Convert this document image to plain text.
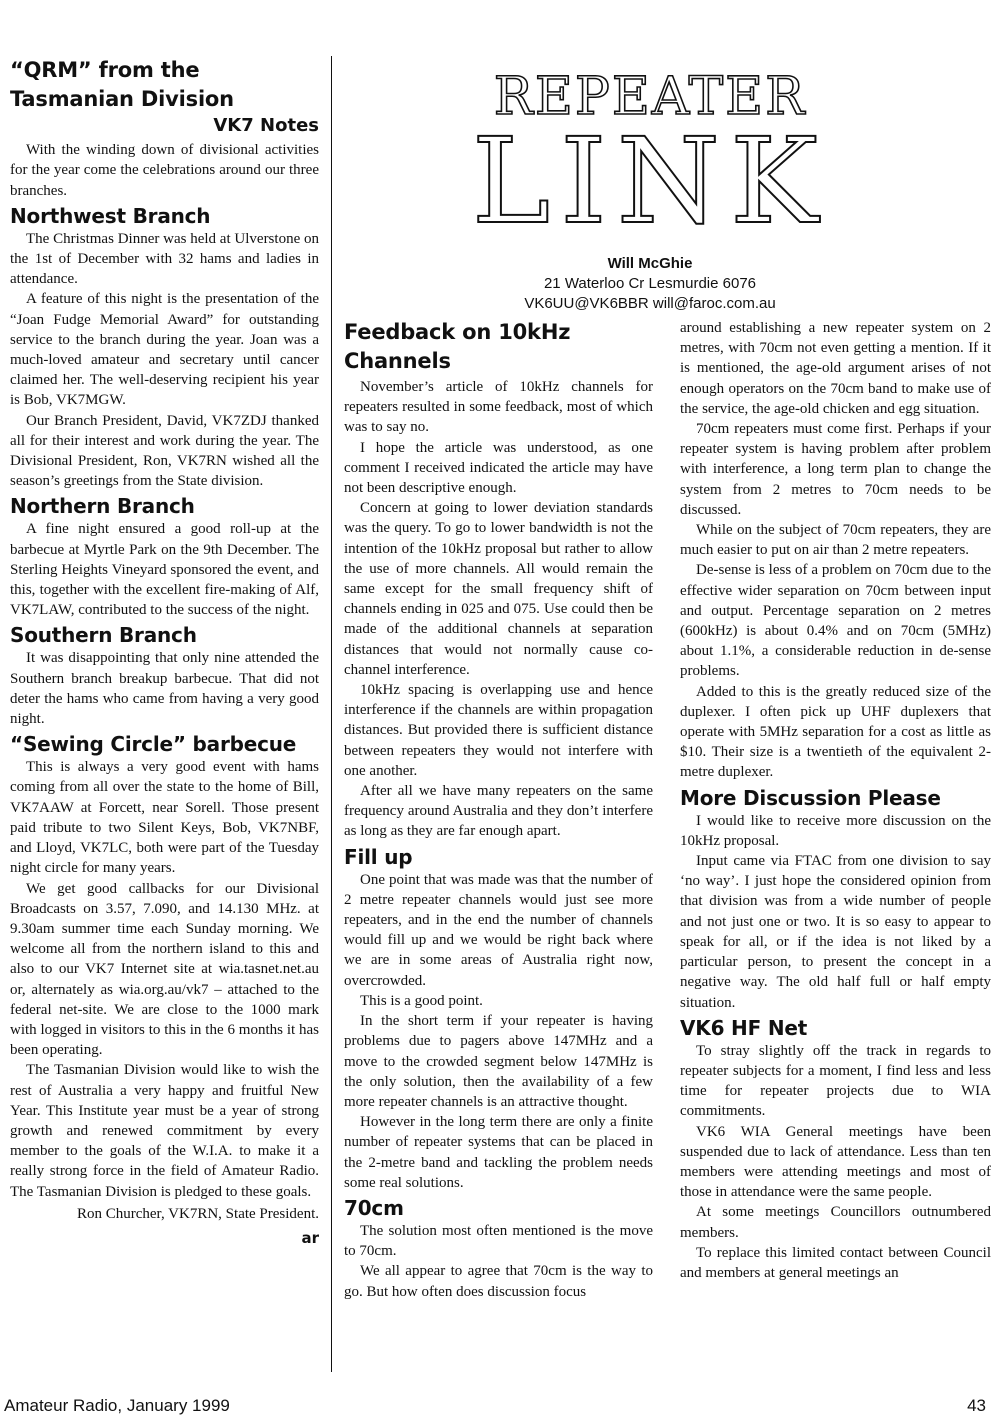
“QRM” from the Tasmanian Division
VK7 Notes

With the winding down of divisional activities for the year come the celebrations around our three branches.

Northwest Branch

The Christmas Dinner was held at Ulverstone on the 1st of December with 32 hams and ladies in attendance.

A feature of this night is the presentation of the “Joan Fudge Memorial Award” for outstanding service to the branch during the year. Joan was a much-loved amateur and secretary until cancer claimed her. The well-deserving recipient his year is Bob, VK7MGW.

Our Branch President, David, VK7ZDJ thanked all for their interest and work during the year. The Divisional President, Ron, VK7RN wished all the season’s greetings from the State division.

Northern Branch

A fine night ensured a good roll-up at the barbecue at Myrtle Park on the 9th December. The Sterling Heights Vineyard sponsored the event, and this, together with the excellent fire-making of Alf, VK7LAW, contributed to the success of the night.

Southern Branch

It was disappointing that only nine attended the Southern branch breakup barbecue. That did not deter the hams who came from having a very good night.

“Sewing Circle” barbecue

This is always a very good event with hams coming from all over the state to the home of Bill, VK7AAW at Forcett, near Sorell. Those present paid tribute to two Silent Keys, Bob, VK7NBF, and Lloyd, VK7LC, both were part of the Tuesday night circle for many years.

We get good callbacks for our Divisional Broadcasts on 3.57, 7.090, and 14.130 MHz. at 9.30am summer time each Sunday morning. We welcome all from the northern island to this and also to our VK7 Internet site at wia.tasnet.net.au or, alternately as wia.org.au/vk7 – attached to the federal net-site. We are close to the 1000 mark with logged in visitors to this in the 6 months it has been operating.

The Tasmanian Division would like to wish the rest of Australia a very happy and fruitful New Year. This Institute year must be a year of strong growth and renewed commitment by every member to the goals of the W.I.A. to make it a really strong force in the field of Amateur Radio. The Tasmanian Division is pledged to these goals.

Ron Churcher, VK7RN, State President.

ar
REPEATER
LINK
Will McGhie
21 Waterloo Cr Lesmurdie 6076
VK6UU@VK6BBR will@faroc.com.au
Feedback on 10kHz Channels

November’s article of 10kHz channels for repeaters resulted in some feedback, most of which was to say no.

I hope the article was understood, as one comment I received indicated the article may have not been descriptive enough.

Concern at going to lower deviation standards was the query. To go to lower bandwidth is not the intention of the 10kHz proposal but rather to allow the use of more channels. All would remain the same except for the small frequency shift of channels ending in 025 and 075. Use could then be made of the additional channels at separation distances that would not normally cause co-channel interference.

10kHz spacing is overlapping use and hence interference if the channels are within propagation distances. But provided there is sufficient distance between repeaters they would not interfere with one another.

After all we have many repeaters on the same frequency around Australia and they don’t interfere as long as they are far enough apart.

Fill up

One point that was made was that the number of 2 metre repeater channels would just see more repeaters, and in the end the number of channels would fill up and we would be right back where we are in some areas of Australia right now, overcrowded.

This is a good point.

In the short term if your repeater is having problems due to pagers above 147MHz and a move to the crowded segment below 147MHz is the only solution, then the availability of a few more repeater channels is an attractive thought.

However in the long term there are only a finite number of repeater systems that can be placed in the 2-metre band and tackling the problem needs some real solutions.

70cm

The solution most often mentioned is the move to 70cm.

We all appear to agree that 70cm is the way to go. But how often does discussion focus

around establishing a new repeater system on 2 metres, with 70cm not even getting a mention. If it is mentioned, the age-old argument arises of not enough operators on the 70cm band to make use of the service, the age-old chicken and egg situation.

70cm repeaters must come first. Perhaps if your repeater system is having problem after problem with interference, a long term plan to change the system from 2 metres to 70cm needs to be discussed.

While on the subject of 70cm repeaters, they are much easier to put on air than 2 metre repeaters.

De-sense is less of a problem on 70cm due to the effective wider separation on 70cm between input and output. Percentage separation on 2 metres (600kHz) is about 0.4% and on 70cm (5MHz) about 1.1%, a considerable reduction in de-sense problems.

Added to this is the greatly reduced size of the duplexer. I often pick up UHF duplexers that operate with 5MHz separation for a cost as little as $10. Their size is a twentieth of the equivalent 2-metre duplexer.

More Discussion Please

I would like to receive more discussion on the 10kHz proposal.

Input came via FTAC from one division to say ‘no way’. I just hope the considered opinion from that division was from a wide number of people and not just one or two. It is so easy to appear to speak for all, or if the idea is not liked by a particular person, to present the concept in a negative way. The old half full or half empty situation.

VK6 HF Net

To stray slightly off the track in regards to repeater subjects for a moment, I find less and less time for repeater projects due to WIA commitments.

VK6 WIA General meetings have been suspended due to lack of attendance. Less than ten members were attending meetings and most of those in attendance were the same people.

At some meetings Councillors outnumbered members.

To replace this limited contact between Council and members at general meetings an

Amateur Radio, January 1999	43
